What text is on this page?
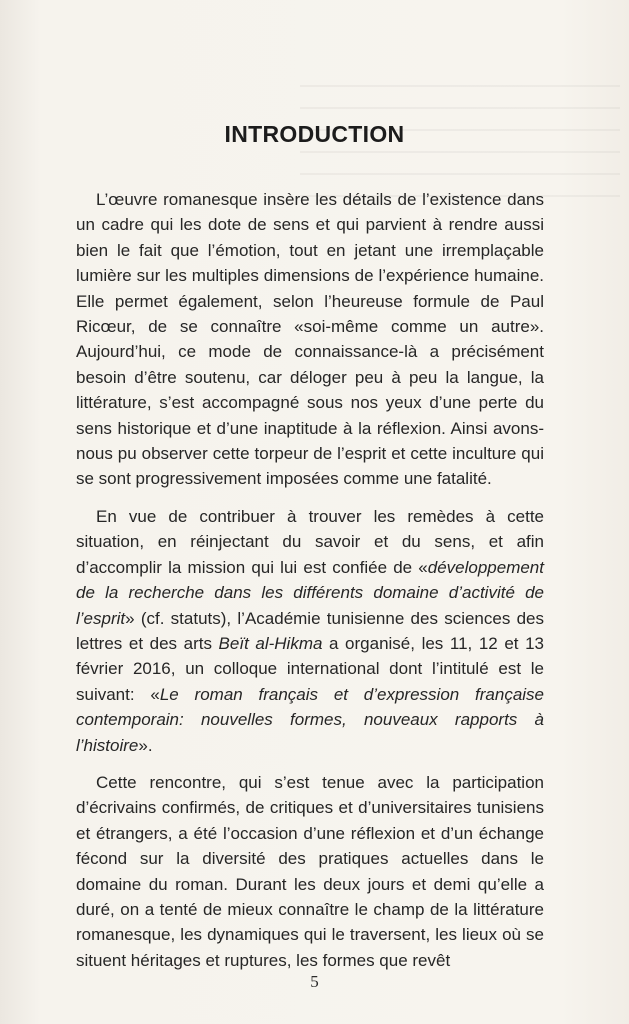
INTRODUCTION

L’œuvre romanesque insère les détails de l’existence dans un cadre qui les dote de sens et qui parvient à rendre aussi bien le fait que l’émotion, tout en jetant une irremplaçable lumière sur les multiples dimensions de l’expérience humaine. Elle permet également, selon l’heureuse formule de Paul Ricœur, de se connaître «soi-même comme un autre». Aujourd’hui, ce mode de connaissance-là a précisément besoin d’être soutenu, car déloger peu à peu la langue, la littérature, s’est accompagné sous nos yeux d’une perte du sens historique et d’une inaptitude à la réflexion. Ainsi avons-nous pu observer cette torpeur de l’esprit et cette inculture qui se sont progressivement imposées comme une fatalité.

En vue de contribuer à trouver les remèdes à cette situation, en réinjectant du savoir et du sens, et afin d’accomplir la mission qui lui est confiée de «développement de la recherche dans les différents domaine d’activité de l’esprit» (cf. statuts), l’Académie tunisienne des sciences des lettres et des arts Beït al-Hikma a organisé, les 11, 12 et 13 février 2016, un colloque international dont l’intitulé est le suivant: «Le roman français et d’expression française contemporain: nouvelles formes, nouveaux rapports à l’histoire».

Cette rencontre, qui s’est tenue avec la participation d’écrivains confirmés, de critiques et d’universitaires tunisiens et étrangers, a été l’occasion d’une réflexion et d’un échange fécond sur la diversité des pratiques actuelles dans le domaine du roman. Durant les deux jours et demi qu’elle a duré, on a tenté de mieux connaître le champ de la littérature romanesque, les dynamiques qui le traversent, les lieux où se situent héritages et ruptures, les formes que revêt

5
